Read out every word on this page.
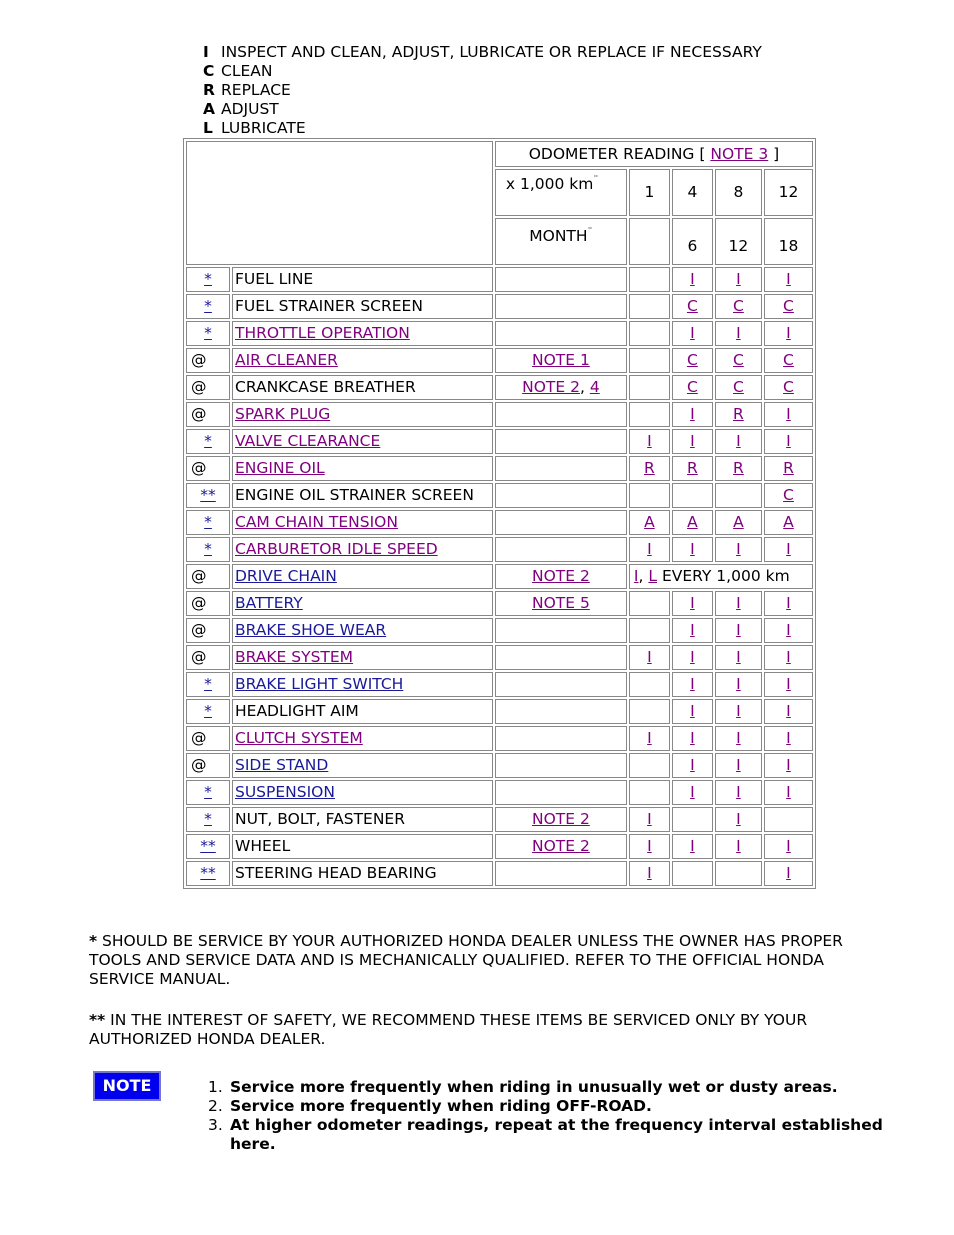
I INSPECT AND CLEAN, ADJUST, LUBRICATE OR REPLACE IF NECESSARY
C CLEAN
R REPLACE
A ADJUST
L LUBRICATE
		ODOMETER READING [ NOTE 3 ]				
		x 1,000 km¨	1	4	8	12
		MONTH¨		6	12	18
*	FUEL LINE			I	I	I
*	FUEL STRAINER SCREEN			C	C	C
*	THROTTLE OPERATION			I	I	I
@	AIR CLEANER	NOTE 1		C	C	C
@	CRANKCASE BREATHER	NOTE 2, 4		C	C	C
@	SPARK PLUG			I	R	I
*	VALVE CLEARANCE		I	I	I	I
@	ENGINE OIL		R	R	R	R
**	ENGINE OIL STRAINER SCREEN					C
*	CAM CHAIN TENSION		A	A	A	A
*	CARBURETOR IDLE SPEED		I	I	I	I
@	DRIVE CHAIN	NOTE 2	I, L EVERY 1,000 km			
@	BATTERY	NOTE 5		I	I	I
@	BRAKE SHOE WEAR			I	I	I
@	BRAKE SYSTEM		I	I	I	I
*	BRAKE LIGHT SWITCH			I	I	I
*	HEADLIGHT AIM			I	I	I
@	CLUTCH SYSTEM		I	I	I	I
@	SIDE STAND			I	I	I
*	SUSPENSION			I	I	I
*	NUT, BOLT, FASTENER	NOTE 2	I		I	
**	WHEEL	NOTE 2	I	I	I	I
**	STEERING HEAD BEARING		I			I
* SHOULD BE SERVICE BY YOUR AUTHORIZED HONDA DEALER UNLESS THE OWNER HAS PROPER TOOLS AND SERVICE DATA AND IS MECHANICALLY QUALIFIED. REFER TO THE OFFICIAL HONDA SERVICE MANUAL.
** IN THE INTEREST OF SAFETY, WE RECOMMEND THESE ITEMS BE SERVICED ONLY BY YOUR AUTHORIZED HONDA DEALER.
NOTE	1. Service more frequently when riding in unusually wet or dusty areas.
2. Service more frequently when riding OFF-ROAD.
3. At higher odometer readings, repeat at the frequency interval established here.
